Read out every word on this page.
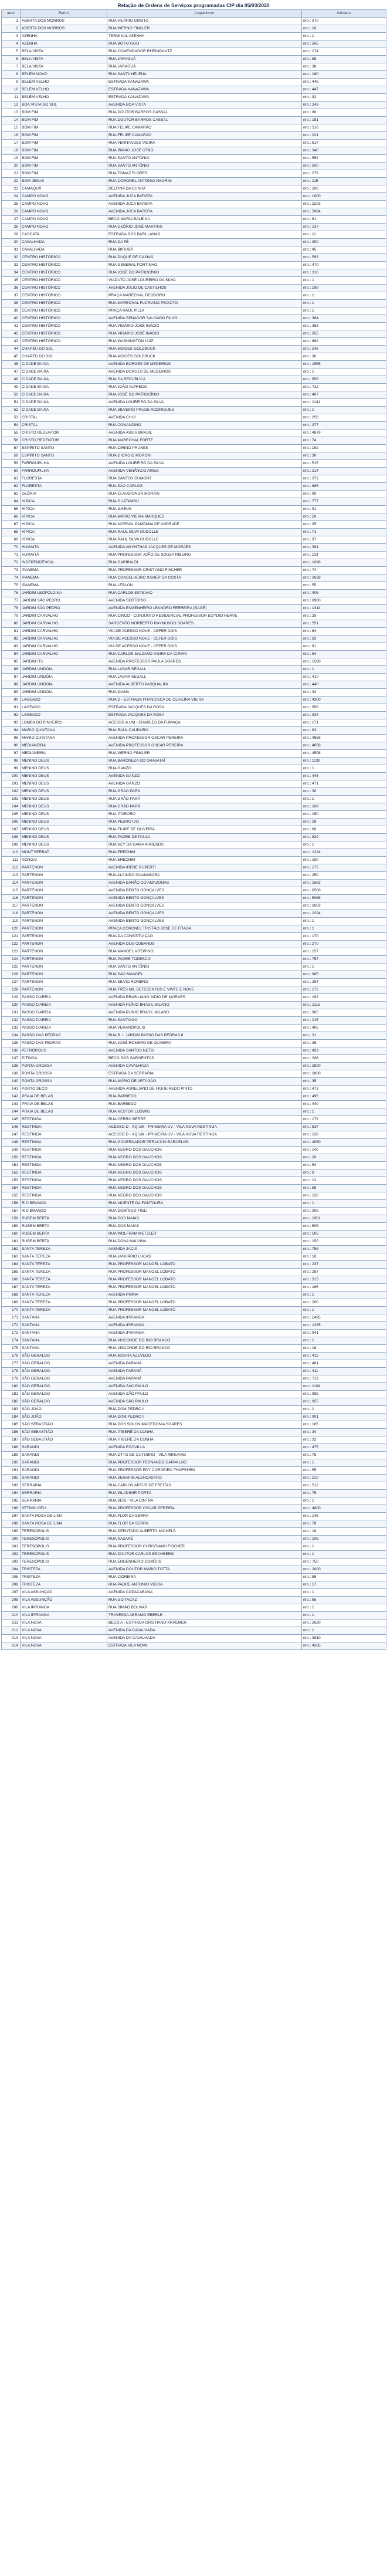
Relação de Ordens de Serviços programadas CIP dia 05/03/2020
Item	Bairro	Logradouro	Número
1	ABERTA DOS MORROS	RUA HILÁRIO CRISTO	nro.: 370
2	ABERTA DOS MORROS	RUA WERNO FINKLER	nro.: 10
3	AZENHA	TERMINAL AZENHA	nro.: 1
4	AZENHA	RUA BOTAFOGO	nro.: 565
5	BELA VISTA	RUA COMENDADOR RHEINGANTZ	nro.: 174
6	BELA VISTA	RUA JARAGUÁ	nro.: 58
7	BELA VISTA	RUA JARAGUÁ	nro.: 38
8	BELÉM NOVO	RUA SANTA HELENA	nro.: 180
9	BELÉM VELHO	ESTRADA KANAZAWA	nro.: 446
10	BELÉM VELHO	ESTRADA KANAZAWA	nro.: 447
11	BELÉM VELHO	ESTRADA KANAZAWA	nro.: 92
12	BOA VISTA DO SUL	AVENIDA BOA VISTA	nro.: 243
13	BOM FIM	RUA DOUTOR BARROS CASSAL	nro.: 80
14	BOM FIM	RUA DOUTOR BARROS CASSAL	nro.: 181
15	BOM FIM	RUA FELIPE CAMARÃO	nro.: 516
16	BOM FIM	RUA FELIPE CAMARÃO	nro.: 221
17	BOM FIM	RUA FERNANDES VIEIRA	nro.: 617
18	BOM FIM	RUA IRMÃO JOSÉ OTÃO	nro.: 340
19	BOM FIM	RUA SANTO ANTÔNIO	nro.: 554
20	BOM FIM	RUA SANTO ANTÔNIO	nro.: 500
21	BOM FIM	RUA TOMAZ FLORES	nro.: 278
22	BOM JESUS	RUA CORONEL ANTONIO AMORIM	nro.: 115
23	CAMAQUÃ	DELFINA DA CUNHA	nro.: 106
24	CAMPO NOVO	AVENIDA JUCA BATISTA	nro.: 1000
25	CAMPO NOVO	AVENIDA JUCA BATISTA	nro.: 2203
26	CAMPO NOVO	AVENIDA JUCA BATISTA	nro.: 5894
27	CAMPO NOVO	BECO MARIA BALBINA	nro.: 61
28	CAMPO NOVO	RUA OZÓRIO JOSÉ MARTINS	nro.: 137
29	CASCATA	ESTRADA DOS BATILLANAS	nro.: 11
30	CAVALHADA	RUA DA FÉ	nro.: 300
31	CAVALHADA	RUA IBIRUBÁ	nro.: 45
32	CENTRO HISTÓRICO	RUA DUQUE DE CAXIAS	nro.: 593
33	CENTRO HISTÓRICO	RUA GENERAL PORTINHO	nro.: 470
34	CENTRO HISTÓRICO	RUA JOSÉ DO PATROCÍNIO	nro.: 310
35	CENTRO HISTÓRICO	VIADUTO JOSÉ LOUREIRO DA SILVA	nro.: 1
36	CENTRO HISTÓRICO	AVENIDA JÚLIO DE CASTILHOS	nro.: 198
37	CENTRO HISTÓRICO	PRAÇA MARECHAL DEODORO	nro.: 1
38	CENTRO HISTÓRICO	RUA MARECHAL FLORIANO PEIXOTO	nro.: 1
39	CENTRO HISTÓRICO	PRAÇA RAUL PILLA	nro.: 1
40	CENTRO HISTÓRICO	AVENIDA SENADOR SALGADO FILHO	nro.: 364
41	CENTRO HISTÓRICO	RUA VIGÁRIO JOSÉ INÁCIO	nro.: 363
42	CENTRO HISTÓRICO	RUA VIGÁRIO JOSÉ INÁCIO	nro.: 355
43	CENTRO HISTÓRICO	RUA WASHINGTON LUIZ	nro.: 862
44	CHAPÉU DO SOL	RUA MOISES GOLDBUCK	nro.: 246
45	CHAPÉU DO SOL	RUA MOISES GOLDBUCK	nro.: 30
46	CIDADE BAIXA	AVENIDA BORGES DE MEDEIROS	nro.: 1555
47	CIDADE BAIXA	AVENIDA BORGES DE MEDEIROS	nro.: 1
48	CIDADE BAIXA	RUA DA REPÚBLICA	nro.: 656
49	CIDADE BAIXA	RUA JOÃO ALFREDO	nro.: 722
50	CIDADE BAIXA	RUA JOSÉ DO PATROCÍNIO	nro.: 467
51	CIDADE BAIXA	AVENIDA LOUREIRO DA SILVA	nro.: 1141
52	CIDADE BAIXA	RUA SILVEIRO PRUDE RODRIGUES	nro.: 1
53	CRISTAL	AVENIDA CHUÍ	nro.: 256
54	CRISTAL	RUA CONANDINO	nro.: 377
55	CRISTO REDENTOR	AVENIDA ASSIS BRASIL	nro.: 4879
56	CRISTO REDENTOR	RUA MARECHAL FORTE	nro.: 74
57	ESPÍRITO SANTO	RUA CIRINO PRUNES	nro.: 192
58	ESPÍRITO SANTO	RUA GIORGIO MORONI	nro.: 30
59	FARROUPILHA	AVENIDA LOUREIRO DA SILVA	nro.: 515
60	FARROUPILHA	AVENIDA VENÂNCIO AIRES	nro.: 214
61	FLORESTA	RUA SANTOS DUMONT	nro.: 372
62	FLORESTA	RUA SÃO CARLOS	nro.: 685
63	GLÓRIA	RUA CLAUDIONOR MORAIS	nro.: 90
64	HÍPICA	RUA GUATAMBU	nro.: 777
65	HÍPICA	RUA ILHÉUS	nro.: 91
66	HÍPICA	RUA MARIO VIEIRA MARQUES	nro.: 50
67	HÍPICA	RUA NORIVAL PAMPANA DE ANDRADE	nro.: 35
68	HÍPICA	RUA RAUL SILVA GUDOLLE	nro.: 71
69	HÍPICA	RUA RAUL SILVA GUDOLLE	nro.: 97
70	HUMAITÁ	AVENIDA AMYNTHAS JACQUES DE MORAES	nro.: 391
71	HUMAITÁ	RUA PROFESSOR JOÃO DE SOUZA RIBEIRO	nro.: 113
72	INDEPENDÊNCIA	RUA GARIBALDI	nro.: 1098
73	IPANEMA	RUA PROFESSOR CRISTIANO FISCHER	nro.: 74
74	IPANEMA	RUA CONSELHEIRO XAVIER DA COSTA	nro.: 2628
75	IPANEMA	RUA LEBLON	nro.: 55
76	JARDIM LEOPOLDINA	RUA CARLOS ESTEVAO	nro.: 405
77	JARDIM SÃO PEDRO	AVENIDA SERTÓRIO	nro.: 6900
78	JARDIM SÃO PEDRO	AVENIDA ENGENHEIRO LEANDRO FERREIRA (BAGÉ)	nro.: 1314
79	JARDIM CARVALHO	RUA CINCO - CONJUNTO RESIDENCIAL PROFESSOR EGYDIO HERVE	nro.: 25
80	JARDIM CARVALHO	SARGENTO NORBERTO RAYMUNDO SOARES	nro.: 551
81	JARDIM CARVALHO	VIA DE ACESSO NOVE - CEFER DOIS	nro.: 64
82	JARDIM CARVALHO	VIA DE ACESSO NOVE - CEFER DOIS	nro.: 63
83	JARDIM CARVALHO	VIA DE ACESSO NOVE - CEFER DOIS	nro.: 81
84	JARDIM CARVALHO	RUA CARLOS SALZANO VIEIRA DA CUNHA	nro.: 54
85	JARDIM ITU	AVENIDA PROFESSOR PAULA SOARES	nro.: 1580
86	JARDIM LINDÓIA	RUA LASAR SEGALL	nro.: 1
87	JARDIM LINDÓIA	RUA LASAR SEGALL	nro.: 410
88	JARDIM LINDÓIA	AVENIDA ALBERTO PASQUALINI	nro.: 440
89	JARDIM LINDÓIA	RUA DIANA	nro.: 34
90	LAGEADO	RUA D - ESTRADA FRANCISCA DE OLIVEIRA VIEIRA	nro.: 4300
91	LAGEADO	ESTRADA JACQUES DA ROSA	nro.: 956
92	LAGEADO	ESTRADA JACQUES DA ROSA	nro.: 934
93	LOMBA DO PINHEIRO	ACESSO A.UM - CHARLES DA FUMAÇA	nro.: 171
94	MARIO QUINTANA	RUA RAUL CAUDURO	nro.: 83
95	MARIO QUINTANA	AVENIDA PROFESSOR OSCAR PEREIRA	nro.: 4858
96	MEDIANEIRA	AVENIDA PROFESSOR OSCAR PEREIRA	nro.: 4858
97	MEDIANEIRA	RUA WERNO FINKLER	nro.: 4598
98	MENINO DEUS	RUA BARONEZA DO GRAVATAÍ	nro.: 1130
99	MENINO DEUS	RUA GANZO	nro.: 1
100	MENINO DEUS	AVENIDA GANZO	nro.: 445
101	MENINO DEUS	AVENIDA GANZO	nro.: 471
102	MENINO DEUS	RUA GRÃO PARÁ	nro.: 30
103	MENINO DEUS	RUA GRÃO PARÁ	nro.: 1
104	MENINO DEUS	RUA GRÃO PARÁ	nro.: 108
105	MENINO DEUS	RUA ITORORÓ	nro.: 150
106	MENINO DEUS	RUA PEDRO IVO	nro.: 29
107	MENINO DEUS	RUA FILIPE DE OLIVEIRA	nro.: 66
108	MENINO DEUS	RUA PADRE DE PAULA	nro.: 829
109	MENINO DEUS	RUA NEY DA GAMA AHRENDS	nro.: 1
110	MONT'SERRAT	RUA ERECHIM	nro.: 1224
111	NONOAI	RUA ERECHIM	nro.: 190
112	PARTENON	AVENIDA IRENE RUPERTI	nro.: 175
113	PARTENON	RUA ALCINDO GUANABARA	nro.: 250
114	PARTENON	AVENIDA BARÃO DO AMAZONAS	nro.: 1682
115	PARTENON	AVENIDA BENTO GONÇALVES	nro.: 6500
116	PARTENON	AVENIDA BENTO GONÇALVES	nro.: 5068
117	PARTENON	AVENIDA BENTO GONÇALVES	nro.: 2602
118	PARTENON	AVENIDA BENTO GONÇALVES	nro.: 2294
119	PARTENON	AVENIDA BENTO GONÇALVES	nro.: 1
120	PARTENON	PRAÇA CORONEL TRISTÃO JOSÉ DE FRAGA	nro.: 1
121	PARTENON	RUA DA CONSTITUIÇÃO	nro.: 170
122	PARTENON	AVENIDA DOS CUBANOS	nro.: 270
123	PARTENON	RUA MANOEL VITORINO	nro.: 157
124	PARTENON	RUA PADRE TODESCO	nro.: 757
125	PARTENON	RUA SANTO ANTÔNIO	nro.: 1
126	PARTENON	RUA SÃO MANOEL	nro.: 965
127	PARTENON	RUA SILVIO ROMERO	nro.: 294
128	PARTENON	RUA TRÊS MIL SETECENTOS E VINTE E NOVE	nro.: 175
129	PASSO D'AREIA	AVENIDA BRASILIANO ÍNDIO DE MORAES	nro.: 192
130	PASSO D'AREIA	AVENIDA PLÍNIO BRASIL MILANO	nro.: 1115
131	PASSO D'AREIA	AVENIDA PLÍNIO BRASIL MILANO	nro.: 905
132	PASSO D'AREIA	RUA SANTIAGO	nro.: 215
133	PASSO D'AREIA	RUA VERANÓPOLIS	nro.: 405
134	PASSO DAS PEDRAS	RUA B. I. JARDIM PASSO DAS PEDRAS II	nro.: 31
135	PASSO DAS PEDRAS	RUA JOSÉ ROMERO DE OLIVEIRA	nro.: 36
136	PETRÓPOLIS	AVENIDA SANTOS NETO	nro.: 429
137	PITINGA	BECO DOS SARGENTOS	nro.: 206
138	PONTA GROSSA	AVENIDA CAVALHADA	nro.: 2800
139	PONTA GROSSA	ESTRADA DA SERRARIA	nro.: 2800
140	PONTA GROSSA	RUA MÁRIO DE ARTAGÃO	nro.: 35
141	PORTO SECO	AVENIDA AURELIANO DE FIGUEIREDO PINTO	nro.: 473
142	PRAIA DE BELAS	RUA BARBEDO	nro.: 495
143	PRAIA DE BELAS	RUA BARBEDO	nro.: 440
144	PRAIA DE BELAS	RUA NESTOR LUDWIG	nro.: 1
145	RESTINGA	RUA CERRO BERRE	nro.: 172
146	RESTINGA	ACESSO D - XQ UM - PRIMEIRA UV - VILA NOVA RESTINGA	nro.: 537
147	RESTINGA	ACESSO D - XQ UM - PRIMEIRA UV - VILA NOVA RESTINGA	nro.: 138
148	RESTINGA	RUA GOVERNADOR PERACCHI BARCELOS	nro.: 4050
149	RESTINGA	RUA NEGRO DOS GAUCHOS	nro.: 140
150	RESTINGA	RUA NEGRO DOS GAUCHOS	nro.: 20
151	RESTINGA	RUA NEGRO DOS GAUCHOS	nro.: 54
152	RESTINGA	RUA NEGRO DOS GAUCHOS	nro.: 8
153	RESTINGA	RUA NEGRO DOS GAUCHOS	nro.: 12
154	RESTINGA	RUA NEGRO DOS GAUCHOS	nro.: 55
155	RESTINGA	RUA NEGRO DOS GAUCHOS	nro.: 120
156	RIO BRANCO	RUA VICENTE DA FONTOURA	nro.: 1
157	RIO BRANCO	RUA DOMÍNGO FIGLI	nro.: 305
158	RUBEM BERTA	RUA DOS MAIAS	nro.: 1961
159	RUBEM BERTA	RUA DOS MAIAS	nro.: 505
160	RUBEM BERTA	RUA WOLFRAM METZLER	nro.: 505
161	RUBEM BERTA	RUA DONA MALVINA	nro.: 150
162	SANTA TEREZA	AVENIDA JACUÍ	nro.: 758
163	SANTA TEREZA	RUA JANUÁRIO LUCAS	nro.: 10
164	SANTA TEREZA	RUA PROFESSOR MANOEL LOBATO	nro.: 237
165	SANTA TEREZA	RUA PROFESSOR MANOEL LOBATO	nro.: 287
166	SANTA TEREZA	RUA PROFESSOR MANOEL LOBATO	nro.: 315
167	SANTA TEREZA	RUA PROFESSOR MANOEL LOBATO	nro.: 165
168	SANTA TEREZA	AVENIDA PRIMA	nro.: 1
169	SANTA TEREZA	RUA PROFESSOR MANOEL LOBATO	nro.: 200
170	SANTA TEREZA	RUA PROFESSOR MANOEL LOBATO	nro.: 1
171	SANTANA	AVENIDA IPIRANGA	nro.: 1495
172	SANTANA	AVENIDA IPIRANGA	nro.: 1395
173	SANTANA	AVENIDA IPIRANGA	nro.: 941
174	SANTANA	RUA VISCONDE DO RIO BRANCO	nro.: 1
175	SANTANA	RUA VISCONDE DO RIO BRANCO	nro.: 18
176	SÃO GERALDO	RUA MOURA AZEVEDO	nro.: 415
177	SÃO GERALDO	AVENIDA PARANÁ	nro.: 461
178	SÃO GERALDO	AVENIDA PARANÁ	nro.: 411
179	SÃO GERALDO	AVENIDA PARANÁ	nro.: 713
180	SÃO GERALDO	AVENIDA SÃO PAULO	nro.: 1104
181	SÃO GERALDO	AVENIDA SÃO PAULO	nro.: 985
182	SÃO GERALDO	AVENIDA SÃO PAULO	nro.: 955
183	SÃO JOÃO	RUA DOM PEDRO II	nro.: 1
184	SÃO JOÃO	RUA DOM PEDRO II	nro.: 901
185	SÃO SEBASTIÃO	RUA DOS SOLON MACEDONIA SOARES	nro.: 185
186	SÃO SEBASTIÃO	RUA ITIBERÊ DA CUNHA	nro.: 34
187	SÃO SEBASTIÃO	RUA ITIBERÊ DA CUNHA	nro.: 32
188	SARANDI	AVENIDA ECOVILLA	nro.: 475
189	SARANDI	RUA OTTO DE OUTUBRO - VILA MINUANO	nro.: 75
190	SARANDI	RUA PROFESSOR FERNANDO CARVALHO	nro.: 1
191	SARANDI	RUA PROFESSOR EDY CORDEIRO THOFEHRN	nro.: 55
192	SARANDI	RUA SERAFIM ALENCASTRO	nro.: 210
193	SERRARIA	RUA CARLOS ARTUR DE FREITAS	nro.: 512
194	SERRARIA	RUA WLADIMIR PORTO	nro.: 75
195	SERRARIA	RUA SEIS - VILA CINTRA	nro.: 1
196	SÉTIMO CÉU	RUA PROFESSOR OSCAR PEREIRA	nro.: 4800
197	SANTA ROSA DE LIMA	RUA FLOR DA SERRA	nro.: 145
198	SANTA ROSA DE LIMA	RUA FLOR DA SERRA	nro.: 78
199	TERESÓPOLIS	RUA DEPUTADO ALBERTO MICHELS	nro.: 18
200	TERESÓPOLIS	RUA NAZARÉ	nro.: 105
201	TERESÓPOLIS	RUA PROFESSOR CHRISTIANO FISCHER	nro.: 1
202	TERESÓPOLIS	RUA DOUTOR CARLOS ESCHBERG	nro.: 1
203	TERESÓPOLIS	RUA ENGENHEIRO DOMÍCIO	nro.: 750
204	TRISTEZA	AVENIDA DOUTOR MARIO TOTTA	nro.: 2000
205	TRISTEZA	RUA CIDREIRA	nro.: 85
206	TRISTEZA	RUA PADRE ANTONIO VIEIRA	nro.: 17
207	VILA ASSUNÇÃO	AVENIDA COPACABANA	nro.: 1
208	VILA ASSUNÇÃO	RUA GOITACAZ	nro.: 65
209	VILA IPIRANGA	RUA SIMÃO BOLIVAR	nro.: 1
210	VILA IPIRANGA	TRAVESSA ABRAMO EBERLE	nro.: 1
211	VILA NOVA	BECO A - ESTRADA CRISTIANO KRAEMER	nro.: 2620
212	VILA NOVA	AVENIDA DA CAVALHADA	nro.: 1
213	VILA NOVA	AVENIDA DA CAVALHADA	nro.: 3810
214	VILA NOVA	ESTRADA VILA NOVA	nro.: 4285
